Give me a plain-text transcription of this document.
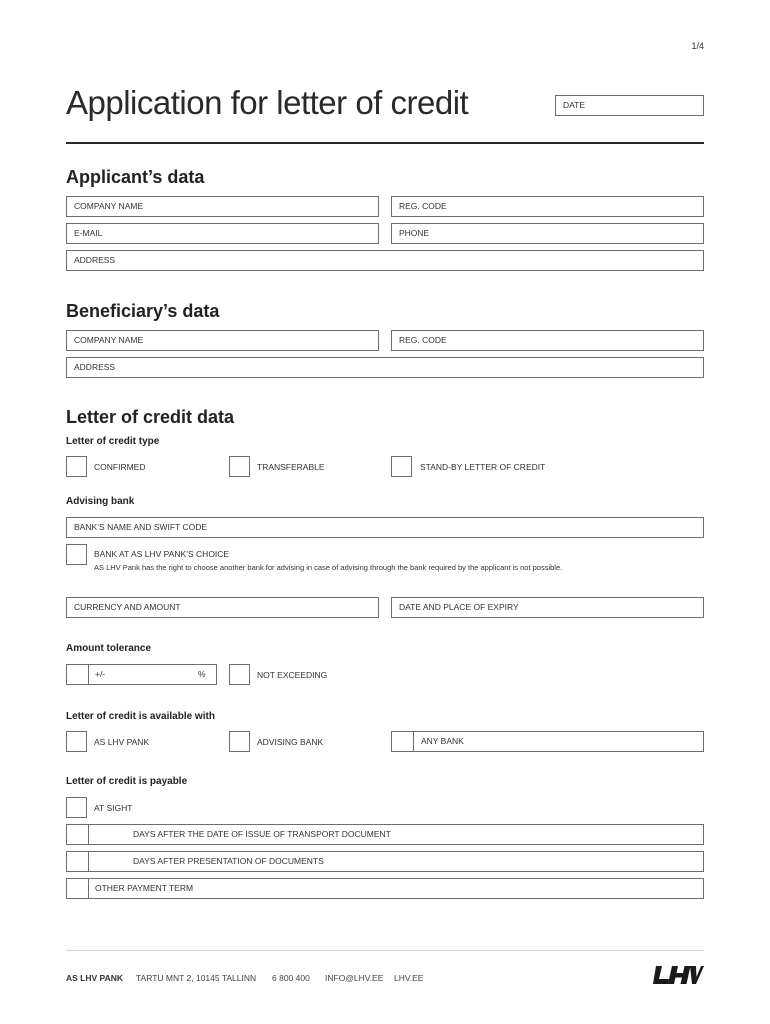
1/4
Application for letter of credit	DATE
Applicant’s data
COMPANY NAME	REG. CODE
E-MAIL	PHONE
ADDRESS
Beneficiary’s data
COMPANY NAME	REG. CODE
ADDRESS
Letter of credit data
Letter of credit type
CONFIRMED	TRANSFERABLE	STAND-BY LETTER OF CREDIT
Advising bank
BANK’S NAME AND SWIFT CODE
BANK AT AS LHV PANK’S CHOICE
AS LHV Pank has the right to choose another bank for advising in case of advising through the bank required by the applicant is not possible.
CURRENCY AND AMOUNT	DATE AND PLACE OF EXPIRY
Amount tolerance
+/-	%	NOT EXCEEDING
Letter of credit is available with
AS LHV PANK	ADVISING BANK	ANY BANK
Letter of credit is payable
AT SIGHT
DAYS AFTER THE DATE OF ISSUE OF TRANSPORT DOCUMENT
DAYS AFTER PRESENTATION OF DOCUMENTS
OTHER PAYMENT TERM
AS LHV PANK TARTU MNT 2, 10145 TALLINN 6 800 400 INFO@LHV.EE LHV.EE
